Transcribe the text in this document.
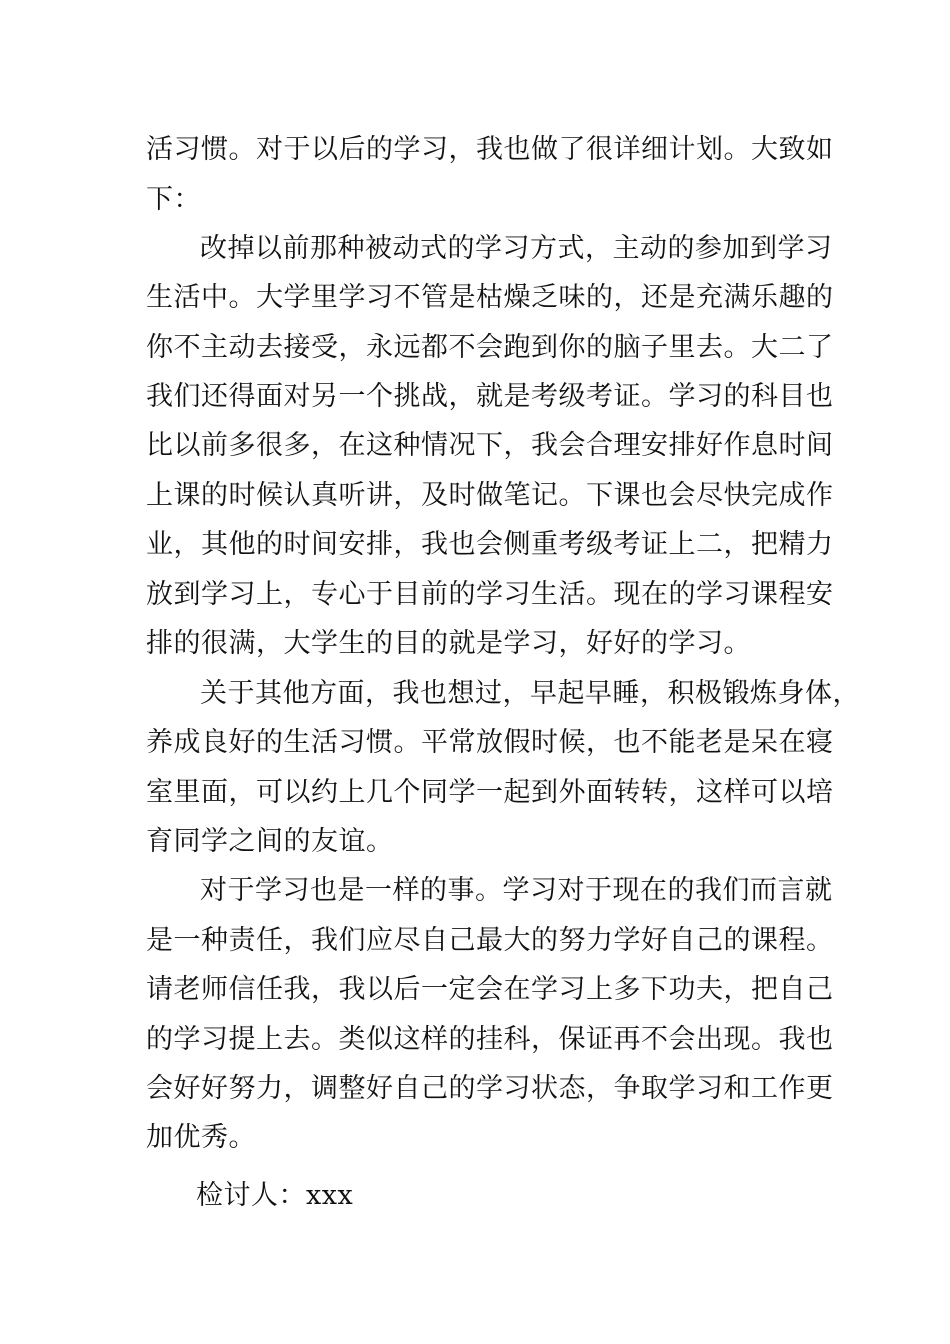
活习惯。对于以后的学习，我也做了很详细计划。大致如
下：
改掉以前那种被动式的学习方式，主动的参加到学习
生活中。大学里学习不管是枯燥乏味的，还是充满乐趣的
你不主动去接受，永远都不会跑到你的脑子里去。大二了
我们还得面对另一个挑战，就是考级考证。学习的科目也
比以前多很多，在这种情况下，我会合理安排好作息时间
上课的时候认真听讲，及时做笔记。下课也会尽快完成作
业，其他的时间安排，我也会侧重考级考证上二，把精力
放到学习上，专心于目前的学习生活。现在的学习课程安
排的很满，大学生的目的就是学习，好好的学习。
关于其他方面，我也想过，早起早睡，积极锻炼身体，
养成良好的生活习惯。平常放假时候，也不能老是呆在寝
室里面，可以约上几个同学一起到外面转转，这样可以培
育同学之间的友谊。
对于学习也是一样的事。学习对于现在的我们而言就
是一种责任，我们应尽自己最大的努力学好自己的课程。
请老师信任我，我以后一定会在学习上多下功夫，把自己
的学习提上去。类似这样的挂科，保证再不会出现。我也
会好好努力，调整好自己的学习状态，争取学习和工作更
加优秀。
检讨人：xxx
